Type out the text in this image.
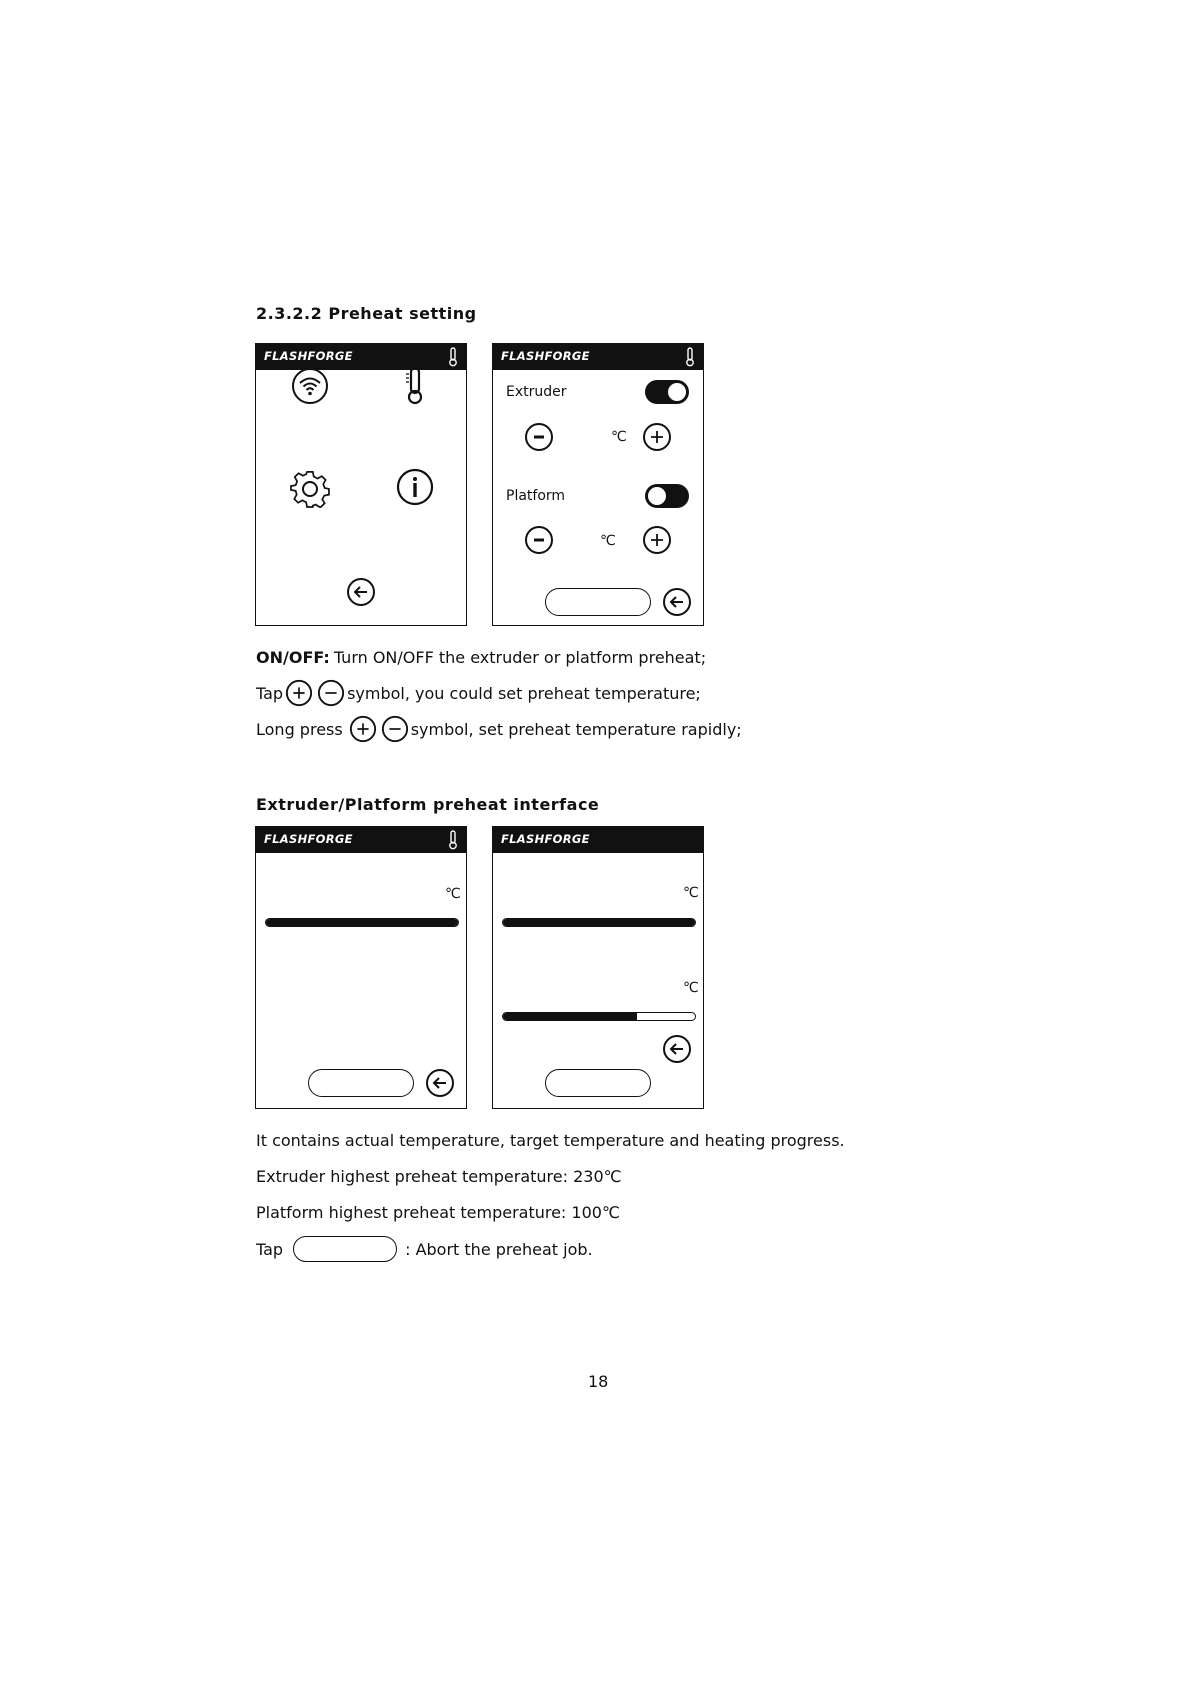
2.3.2.2 Preheat setting
FLASHFORGE	FLASHFORGE
Extruder
℃
Platform
℃
ON/OFF: Turn ON/OFF the extruder or platform preheat;
Tap	symbol, you could set preheat temperature;
Long press	symbol, set preheat temperature rapidly;
Extruder/Platform preheat interface
FLASHFORGE
℃
FLASHFORGE
℃
℃
It contains actual temperature, target temperature and heating progress.
Extruder highest preheat temperature: 230℃
Platform highest preheat temperature: 100℃
Tap	: Abort the preheat job.
18
